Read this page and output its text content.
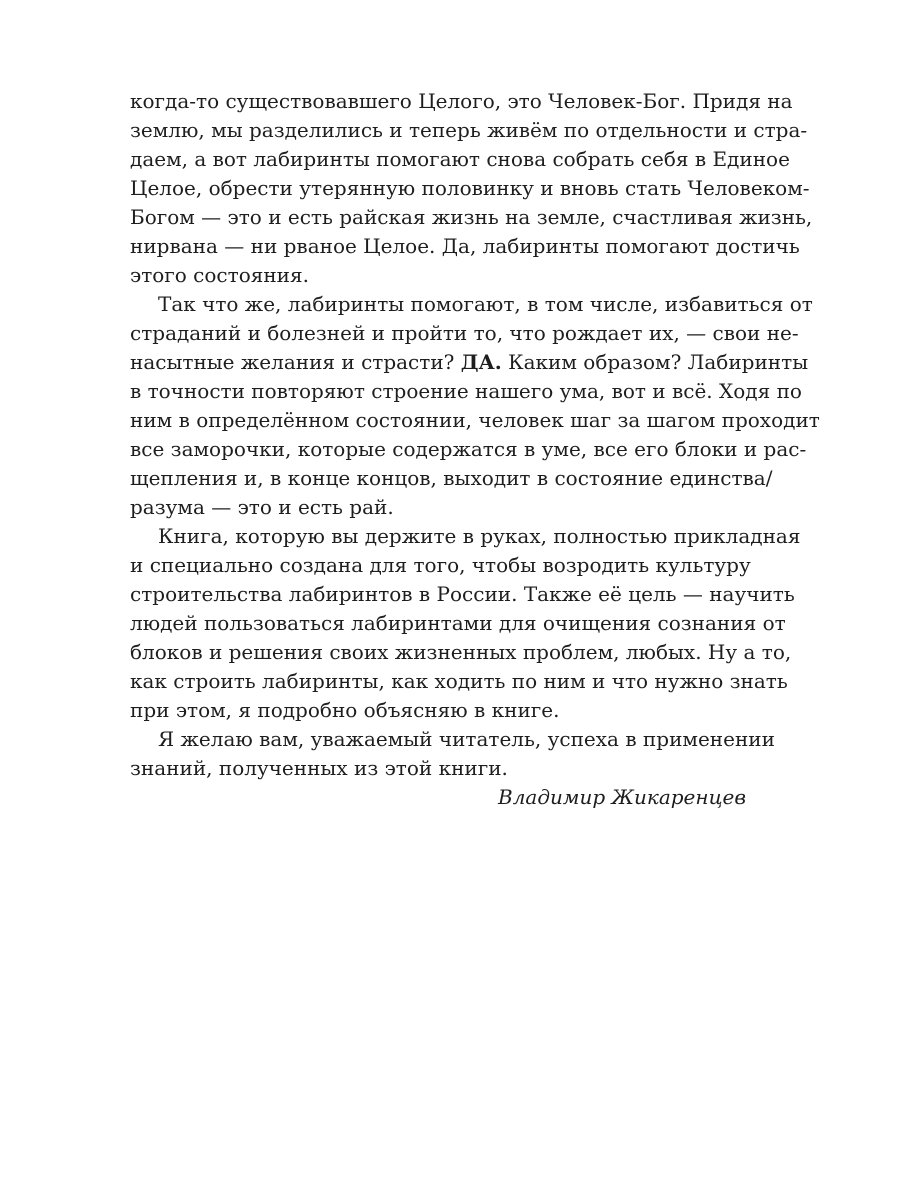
когда-то существовавшего Целого, это Человек-Бог. Придя на
землю, мы разделились и теперь живём по отдельности и стра-
даем, а вот лабиринты помогают снова собрать себя в Единое
Целое, обрести утерянную половинку и вновь стать Человеком-
Богом — это и есть райская жизнь на земле, счастливая жизнь,
нирвана — ни рваное Целое. Да, лабиринты помогают достичь
этого состояния.
Так что же, лабиринты помогают, в том числе, избавиться от
страданий и болезней и пройти то, что рождает их, — свои не-
насытные желания и страсти? ДА. Каким образом? Лабиринты
в точности повторяют строение нашего ума, вот и всё. Ходя по
ним в определённом состоянии, человек шаг за шагом проходит
все заморочки, которые содержатся в уме, все его блоки и рас-
щепления и, в конце концов, выходит в состояние единства/
разума — это и есть рай.
Книга, которую вы держите в руках, полностью прикладная
и специально создана для того, чтобы возродить культуру
строительства лабиринтов в России. Также её цель — научить
людей пользоваться лабиринтами для очищения сознания от
блоков и решения своих жизненных проблем, любых. Ну а то,
как строить лабиринты, как ходить по ним и что нужно знать
при этом, я подробно объясняю в книге.
Я желаю вам, уважаемый читатель, успеха в применении
знаний, полученных из этой книги.
Владимир Жикаренцев
